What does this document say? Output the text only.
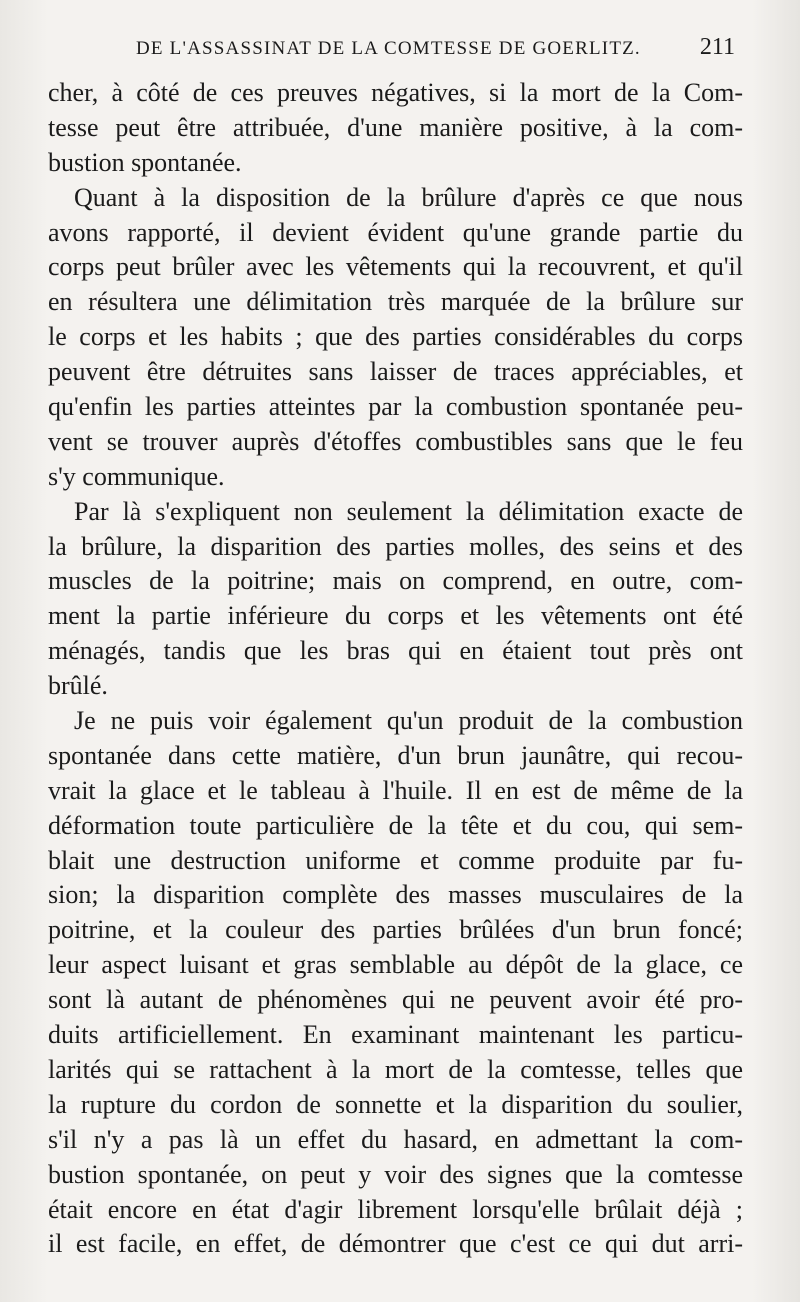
DE L'ASSASSINAT DE LA COMTESSE DE GOERLITZ. 211
cher, à côté de ces preuves négatives, si la mort de la Com-
tesse peut être attribuée, d'une manière positive, à la com-
bustion spontanée.
Quant à la disposition de la brûlure d'après ce que nous
avons rapporté, il devient évident qu'une grande partie du
corps peut brûler avec les vêtements qui la recouvrent, et qu'il
en résultera une délimitation très marquée de la brûlure sur
le corps et les habits ; que des parties considérables du corps
peuvent être détruites sans laisser de traces appréciables, et
qu'enfin les parties atteintes par la combustion spontanée peu-
vent se trouver auprès d'étoffes combustibles sans que le feu
s'y communique.
Par là s'expliquent non seulement la délimitation exacte de
la brûlure, la disparition des parties molles, des seins et des
muscles de la poitrine; mais on comprend, en outre, com-
ment la partie inférieure du corps et les vêtements ont été
ménagés, tandis que les bras qui en étaient tout près ont
brûlé.
Je ne puis voir également qu'un produit de la combustion
spontanée dans cette matière, d'un brun jaunâtre, qui recou-
vrait la glace et le tableau à l'huile. Il en est de même de la
déformation toute particulière de la tête et du cou, qui sem-
blait une destruction uniforme et comme produite par fu-
sion; la disparition complète des masses musculaires de la
poitrine, et la couleur des parties brûlées d'un brun foncé;
leur aspect luisant et gras semblable au dépôt de la glace, ce
sont là autant de phénomènes qui ne peuvent avoir été pro-
duits artificiellement. En examinant maintenant les particu-
larités qui se rattachent à la mort de la comtesse, telles que
la rupture du cordon de sonnette et la disparition du soulier,
s'il n'y a pas là un effet du hasard, en admettant la com-
bustion spontanée, on peut y voir des signes que la comtesse
était encore en état d'agir librement lorsqu'elle brûlait déjà ;
il est facile, en effet, de démontrer que c'est ce qui dut arri-
